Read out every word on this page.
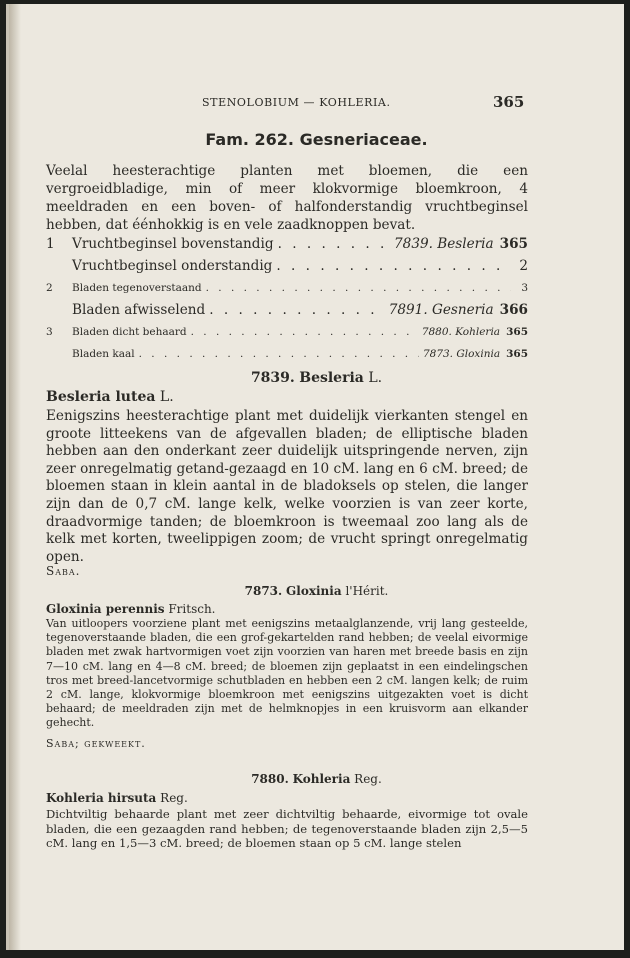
STENOLOBIUM — KOHLERIA.	365
Fam. 262. Gesneriaceae.
Veelal heesterachtige planten met bloemen, die een vergroeidbladige, min of meer klokvormige bloemkroon, 4 meeldraden en een boven- of halfonderstandig vruchtbeginsel hebben, dat éénhokkig is en vele zaadknoppen bevat.
1	Vruchtbeginsel bovenstandig . . .	7839. Besleria 365
Vruchtbeginsel onderstandig . . .	2
2	Bladen tegenoverstaand . . .	3
Bladen afwisselend . . .	7891. Gesneria 366
3	Bladen dicht behaard . . .	7880. Kohleria 365
Bladen kaal . . .	7873. Gloxinia 365
7839. Besleria L.
Besleria lutea L.
Eenigszins heesterachtige plant met duidelijk vierkanten stengel en groote litteekens van de afgevallen bladen; de elliptische bladen hebben aan den onderkant zeer duidelijk uitspringende nerven, zijn zeer onregelmatig getand-gezaagd en 10 cM. lang en 6 cM. breed; de bloemen staan in klein aantal in de bladoksels op stelen, die langer zijn dan de 0,7 cM. lange kelk, welke voorzien is van zeer korte, draadvormige tanden; de bloemkroon is tweemaal zoo lang als de kelk met korten, tweelippigen zoom; de vrucht springt onregelmatig open.
Saba.
7873. Gloxinia l'Hérit.
Gloxinia perennis Fritsch.
Van uitloopers voorziene plant met eenigszins metaalglanzende, vrij lang gesteelde, tegenoverstaande bladen, die een grof-gekartelden rand hebben; de veelal eivormige bladen met zwak hartvormigen voet zijn voorzien van haren met breede basis en zijn 7—10 cM. lang en 4—8 cM. breed; de bloemen zijn geplaatst in een eindelingschen tros met breed-lancetvormige schutbladen en hebben een 2 cM. langen kelk; de ruim 2 cM. lange, klokvormige bloemkroon met eenigszins uitgezakten voet is dicht behaard; de meeldraden zijn met de helmknopjes in een kruisvorm aan elkander gehecht.
Saba; gekweekt.
7880. Kohleria Reg.
Kohleria hirsuta Reg.
Dichtviltig behaarde plant met zeer dichtviltig behaarde, eivormige tot ovale bladen, die een gezaagden rand hebben; de tegenoverstaande bladen zijn 2,5—5 cM. lang en 1,5—3 cM. breed; de bloemen staan op 5 cM. lange stelen
